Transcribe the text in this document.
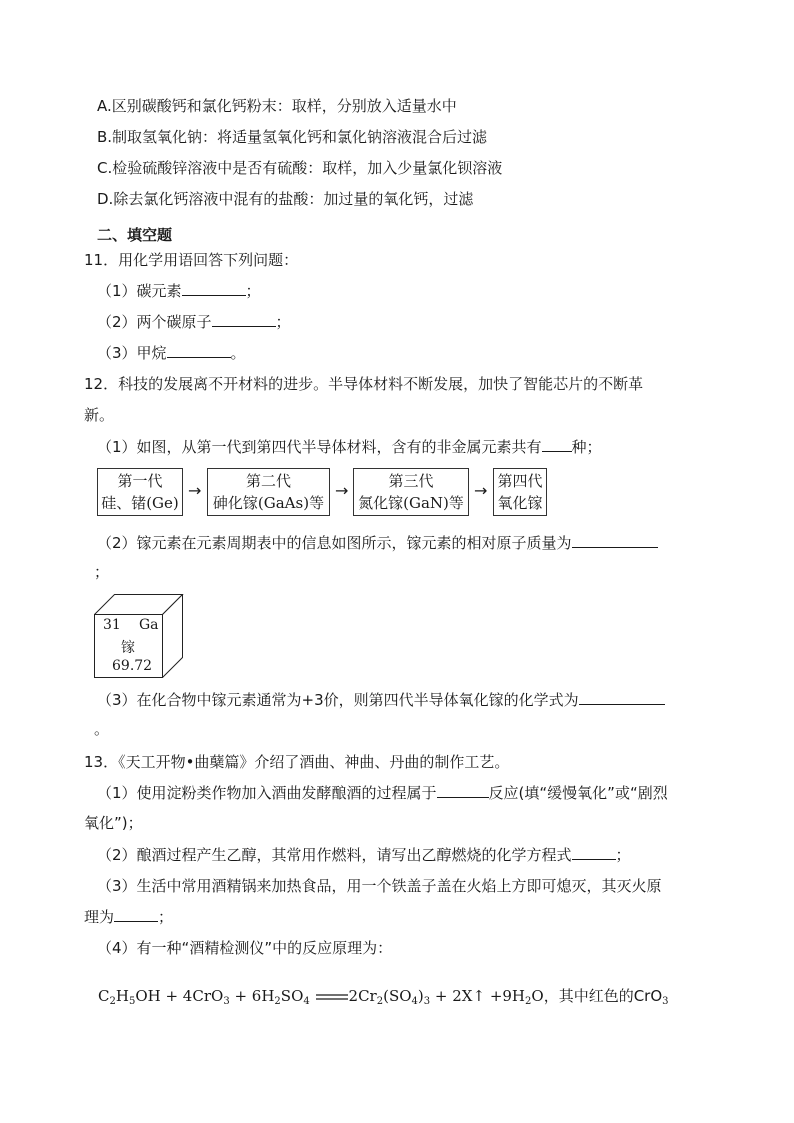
A.区别碳酸钙和氯化钙粉末：取样，分别放入适量水中
B.制取氢氧化钠：将适量氢氧化钙和氯化钠溶液混合后过滤
C.检验硫酸锌溶液中是否有硫酸：取样，加入少量氯化钡溶液
D.除去氯化钙溶液中混有的盐酸：加过量的氧化钙，过滤
二、填空题
11．用化学用语回答下列问题：
（1）碳元素	；
（2）两个碳原子	；
（3）甲烷	。
12．科技的发展离不开材料的进步。半导体材料不断发展，加快了智能芯片的不断革
新。
（1）如图，从第一代到第四代半导体材料，含有的非金属元素共有 种；
第一代
硅、锗(Ge)
→	第二代
砷化镓(GaAs)等
→	第三代
氮化镓(GaN)等
→ 第四代
氧化镓
（2）镓元素在元素周期表中的信息如图所示，镓元素的相对原子质量为
；
31 Ga
镓
69.72
（3）在化合物中镓元素通常为+3价，则第四代半导体氧化镓的化学式为
。
13．《天工开物•曲蘖篇》介绍了酒曲、神曲、丹曲的制作工艺。
（1）使用淀粉类作物加入酒曲发酵酿酒的过程属于	反应(填“缓慢氧化”或“剧烈
氧化”)；
（2）酿酒过程产生乙醇，其常用作燃料，请写出乙醇燃烧的化学方程式	；
（3）生活中常用酒精锅来加热食品，用一个铁盖子盖在火焰上方即可熄灭，其灭火原
理为	；
（4）有一种“酒精检测仪”中的反应原理为：
$C_2H_5OH + 4CrO_3 + 6H_2SO_4$	$2Cr_2(SO_4)_3$ + 2X↑ $+9H_2O$，其中红色的CrO$_3$
